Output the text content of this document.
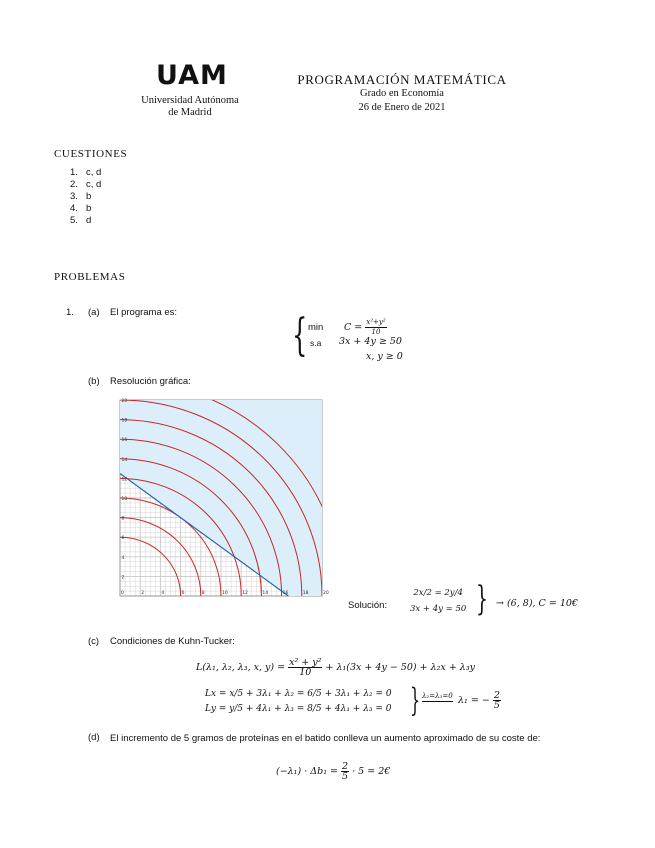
UAM
Universidad Autónoma
de Madrid
PROGRAMACIÓN MATEMÁTICA
Grado en Economía
26 de Enero de 2021
CUESTIONES
1. c, d
2. c, d
3. b
4. b
5. d
PROBLEMAS
1. (a) El programa es:	{ $\min C = \frac{\text{x²+y²}}{10}$
s.a 3x + 4y ≥ 50
x, y ≥ 0
(b) Resolución gráfica:
0	2	4	6	8	10	12	14	16	18	20
2
4
6
8
10
12
14
16
18
20
Solución:
2x/2 = 2y/4
3x + 4y = 50 } → (6, 8), C = 10€
(c) Condiciones de Kuhn-Tucker:
L(λ₁, λ₂, λ₃, x, $y) = \frac{\text{x² + y²}}{10} + \lambda_1(3x + 4y - 50) + \lambda_2x + \lambda_3y$
Lx = x/5 + 3λ₁ + λ₂ = 6/5 + 3λ₁ + λ₂ = 0
Ly = y/5 + 4λ₁ + λ₃ = 8/5 + 4λ₁ + λ₃ = 0 } λ₂=λ₃=0 λ₁ = − $\frac{2}{5}$
(d) El incremento de 5 gramos de proteínas en el batido conlleva un aumento aproximado de su coste de:
$(-\lambda_1) \cdot \Delta b_1 = \frac{2}{5} \cdot 5$ = 2€
